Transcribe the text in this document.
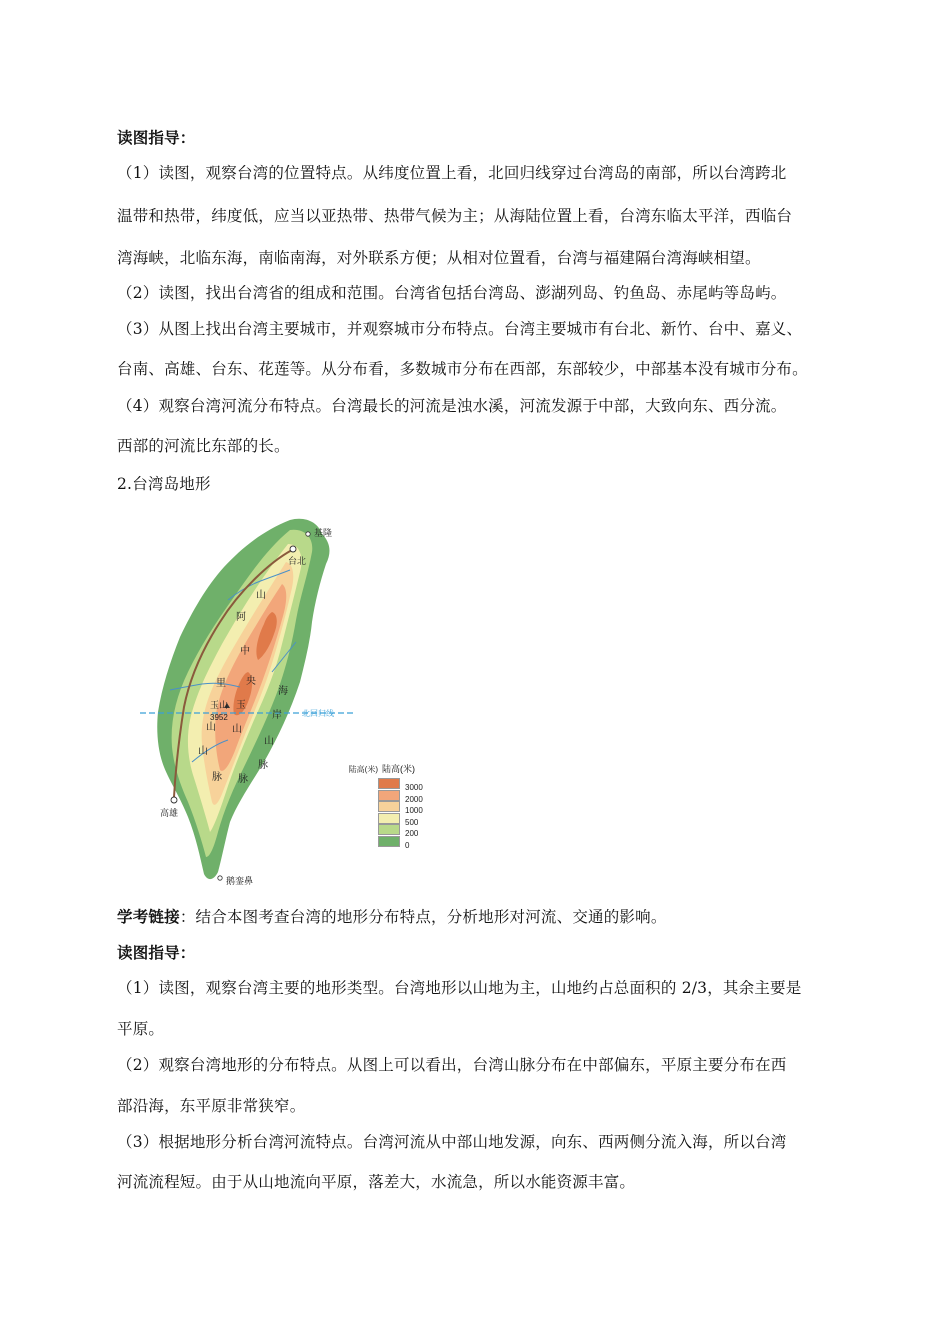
读图指导：
（1）读图，观察台湾的位置特点。从纬度位置上看，北回归线穿过台湾岛的南部，所以台湾跨北
温带和热带，纬度低，应当以亚热带、热带气候为主；从海陆位置上看，台湾东临太平洋，西临台
湾海峡，北临东海，南临南海，对外联系方便；从相对位置看，台湾与福建隔台湾海峡相望。
（2）读图，找出台湾省的组成和范围。台湾省包括台湾岛、澎湖列岛、钓鱼岛、赤尾屿等岛屿。
（3）从图上找出台湾主要城市，并观察城市分布特点。台湾主要城市有台北、新竹、台中、嘉义、
台南、高雄、台东、花莲等。从分布看，多数城市分布在西部，东部较少，中部基本没有城市分布。
（4）观察台湾河流分布特点。台湾最长的河流是浊水溪，河流发源于中部，大致向东、西分流。
西部的河流比东部的长。
2.台湾岛地形
北回归线
基隆
台北
高雄
鹅銮鼻
阿
里
山
山
脉
中
央
山
脉
山
玉
海
岸
山
脉
玉山
3952
陆高(米) 陆高(米)
3000
2000
1000
500
200
0
学考链接：结合本图考查台湾的地形分布特点，分析地形对河流、交通的影响。
读图指导：
（1）读图，观察台湾主要的地形类型。台湾地形以山地为主，山地约占总面积的 2/3，其余主要是
平原。
（2）观察台湾地形的分布特点。从图上可以看出，台湾山脉分布在中部偏东，平原主要分布在西
部沿海，东平原非常狭窄。
（3）根据地形分析台湾河流特点。台湾河流从中部山地发源，向东、西两侧分流入海，所以台湾
河流流程短。由于从山地流向平原，落差大，水流急，所以水能资源丰富。
